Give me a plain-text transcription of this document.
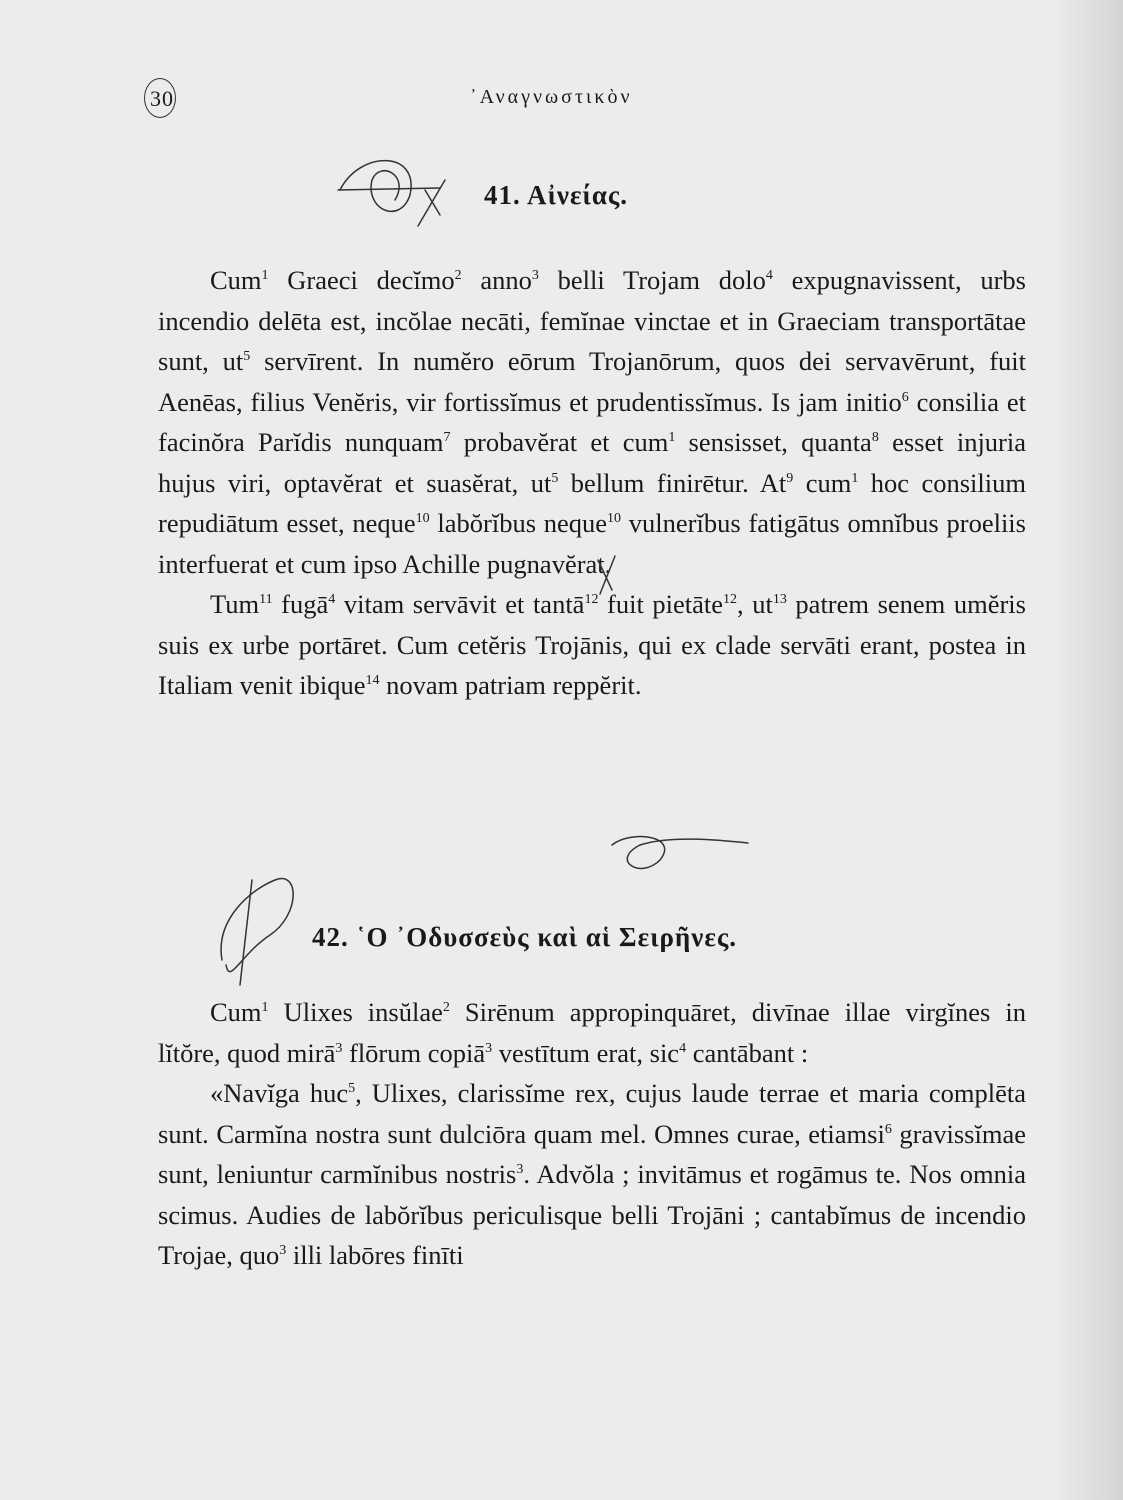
30	᾿Αναγνωστικὸν
41. Αἰνείας.

Cum$^1$ Graeci decĭmo$^2$ anno$^3$ belli Trojam dolo$^4$ expugnavissent, urbs incendio delēta est, incŏlae necāti, femĭnae vinctae et in Graeciam transportātae sunt, $ut^5$ servīrent. In numĕro eōrum Trojanōrum, quos dei servavērunt, fuit Aenēas, filius Venĕris, vir fortissĭmus et prudentissĭmus. Is jam initio$^6$ consilia et facinŏra Parĭdis nunquam$^7$ probavĕrat et cum$^1$ sensisset, quanta$^8$ esset injuria hujus viri, optavĕrat et suasĕrat, $ut^5$ bellum finirētur. At$^9$ cum$^1$ hoc consilium repudiātum esset, neque$^{10}$ labŏrĭbus neque$^{10}$ vulnerĭbus fatigātus omnĭbus proeliis interfuerat et cum ipso Achille pugnavĕrat.

Tum$^{11}$ fugā$^4$ vitam servāvit et tantā$^{12}$ fuit pietāte$^{12}$, $ut^{13}$ patrem senem umĕris suis ex urbe portāret. Cum cetĕris Trojānis, qui ex clade servāti erant, postea in Italiam venit ibique$^{14}$ novam patriam reppĕrit.

42. ῾Ο ᾿Οδυσσεὺς καὶ αἱ Σειρῆνες.

Cum$^1$ Ulixes insŭlae$^2$ Sirēnum appropinquāret, divīnae illae virgĭnes in lĭtŏre, quod mirā$^3$ flōrum copiā$^3$ vestītum erat, sic$^4$ cantābant :

«Navĭga huc$^5$, Ulixes, clarissĭme rex, cujus laude terrae et maria complēta sunt. Carmĭna nostra sunt dulciōra quam mel. Omnes curae, etiamsi$^6$ gravissĭmae sunt, leniuntur carmĭnibus nostris$^3$. Advŏla ; invitāmus et rogāmus te. Nos omnia scimus. Audies de labŏrĭbus periculisque belli Trojāni ; cantabĭmus de incendio Trojae, quo$^3$ illi labōres finīti
